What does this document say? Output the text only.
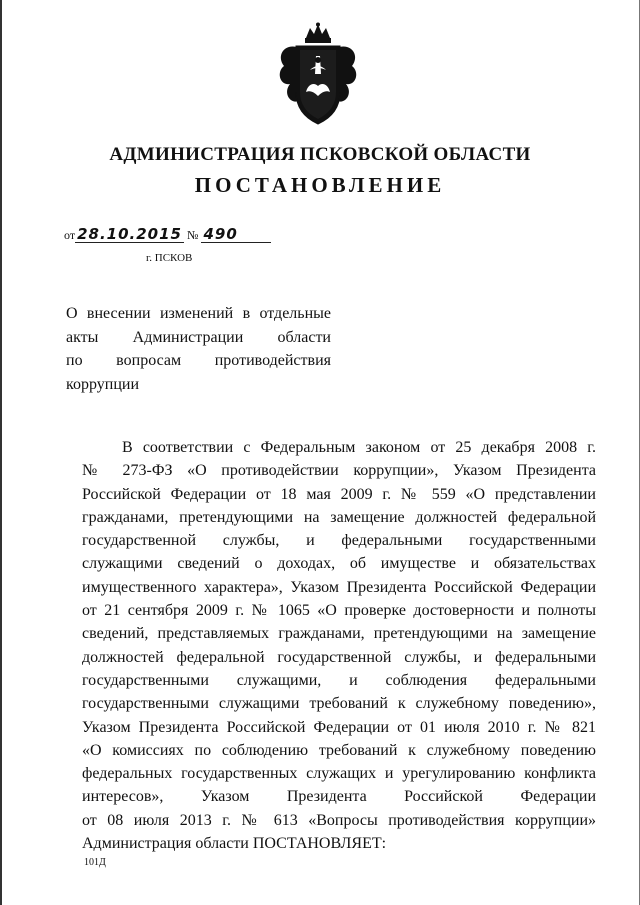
АДМИНИСТРАЦИЯ ПСКОВСКОЙ ОБЛАСТИ
ПОСТАНОВЛЕНИЕ
от 28.10.2015 № 490
г. ПСКОВ
О внесении изменений в отдельные
акты Администрации области
по вопросам противодействия
коррупции
В соответствии с Федеральным законом от 25 декабря 2008 г.
№ 273-ФЗ «О противодействии коррупции», Указом Президента
Российской Федерации от 18 мая 2009 г. № 559 «О представлении
гражданами, претендующими на замещение должностей федеральной
государственной службы, и федеральными государственными
служащими сведений о доходах, об имуществе и обязательствах
имущественного характера», Указом Президента Российской Федерации
от 21 сентября 2009 г. № 1065 «О проверке достоверности и полноты
сведений, представляемых гражданами, претендующими на замещение
должностей федеральной государственной службы, и федеральными
государственными служащими, и соблюдения федеральными
государственными служащими требований к служебному поведению»,
Указом Президента Российской Федерации от 01 июля 2010 г. № 821
«О комиссиях по соблюдению требований к служебному поведению
федеральных государственных служащих и урегулированию конфликта
интересов», Указом Президента Российской Федерации
от 08 июля 2013 г. № 613 «Вопросы противодействия коррупции»
Администрация области ПОСТАНОВЛЯЕТ:
101Д
